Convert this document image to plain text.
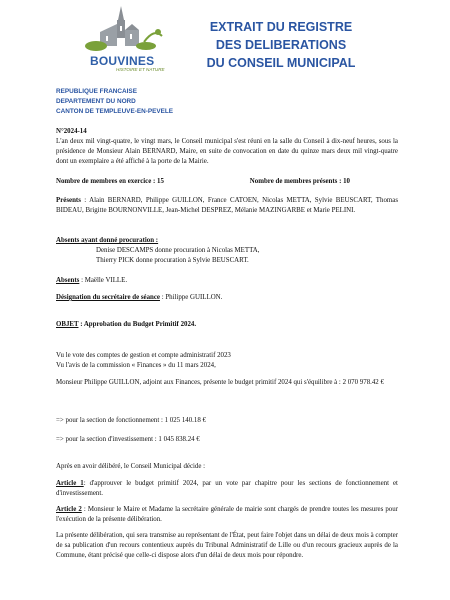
BOUVINES
HISTOIRE ET NATURE
EXTRAIT DU REGISTRE
DES DELIBERATIONS
DU CONSEIL MUNICIPAL
REPUBLIQUE FRANCAISE
DEPARTEMENT DU NORD
CANTON DE TEMPLEUVE-EN-PEVELE
N°2024-14
L'an deux mil vingt-quatre, le vingt mars, le Conseil municipal s'est réuni en la salle du Conseil à dix-neuf heures, sous la présidence de Monsieur Alain BERNARD, Maire, en suite de convocation en date du quinze mars deux mil vingt-quatre dont un exemplaire a été affiché à la porte de la Mairie.
Nombre de membres en exercice : 15	Nombre de membres présents : 10
Présents : Alain BERNARD, Philippe GUILLON, France CATOEN, Nicolas METTA, Sylvie BEUSCART, Thomas BIDEAU, Brigitte BOURNONVILLE, Jean-Michel DESPREZ, Mélanie MAZINGARBE et Marie PELINI.
Absents ayant donné procuration :
Denise DESCAMPS donne procuration à Nicolas METTA,
Thierry PICK donne procuration à Sylvie BEUSCART.
Absents : Maëlle VILLE.
Désignation du secrétaire de séance : Philippe GUILLON.
OBJET : Approbation du Budget Primitif 2024.
Vu le vote des comptes de gestion et compte administratif 2023
Vu l'avis de la commission « Finances » du 11 mars 2024,
Monsieur Philippe GUILLON, adjoint aux Finances, présente le budget primitif 2024 qui s'équilibre à : 2 070 978.42 €
=> pour la section de fonctionnement : 1 025 140.18 €
=> pour la section d'investissement : 1 045 838.24 €
Après en avoir délibéré, le Conseil Municipal décide :
Article 1: d'approuver le budget primitif 2024, par un vote par chapitre pour les sections de fonctionnement et d'investissement.
Article 2 : Monsieur le Maire et Madame la secrétaire générale de mairie sont chargés de prendre toutes les mesures pour l'exécution de la présente délibération.
La présente délibération, qui sera transmise au représentant de l'État, peut faire l'objet dans un délai de deux mois à compter de sa publication d'un recours contentieux auprès du Tribunal Administratif de Lille ou d'un recours gracieux auprès de la Commune, étant précisé que celle-ci dispose alors d'un délai de deux mois pour répondre.
